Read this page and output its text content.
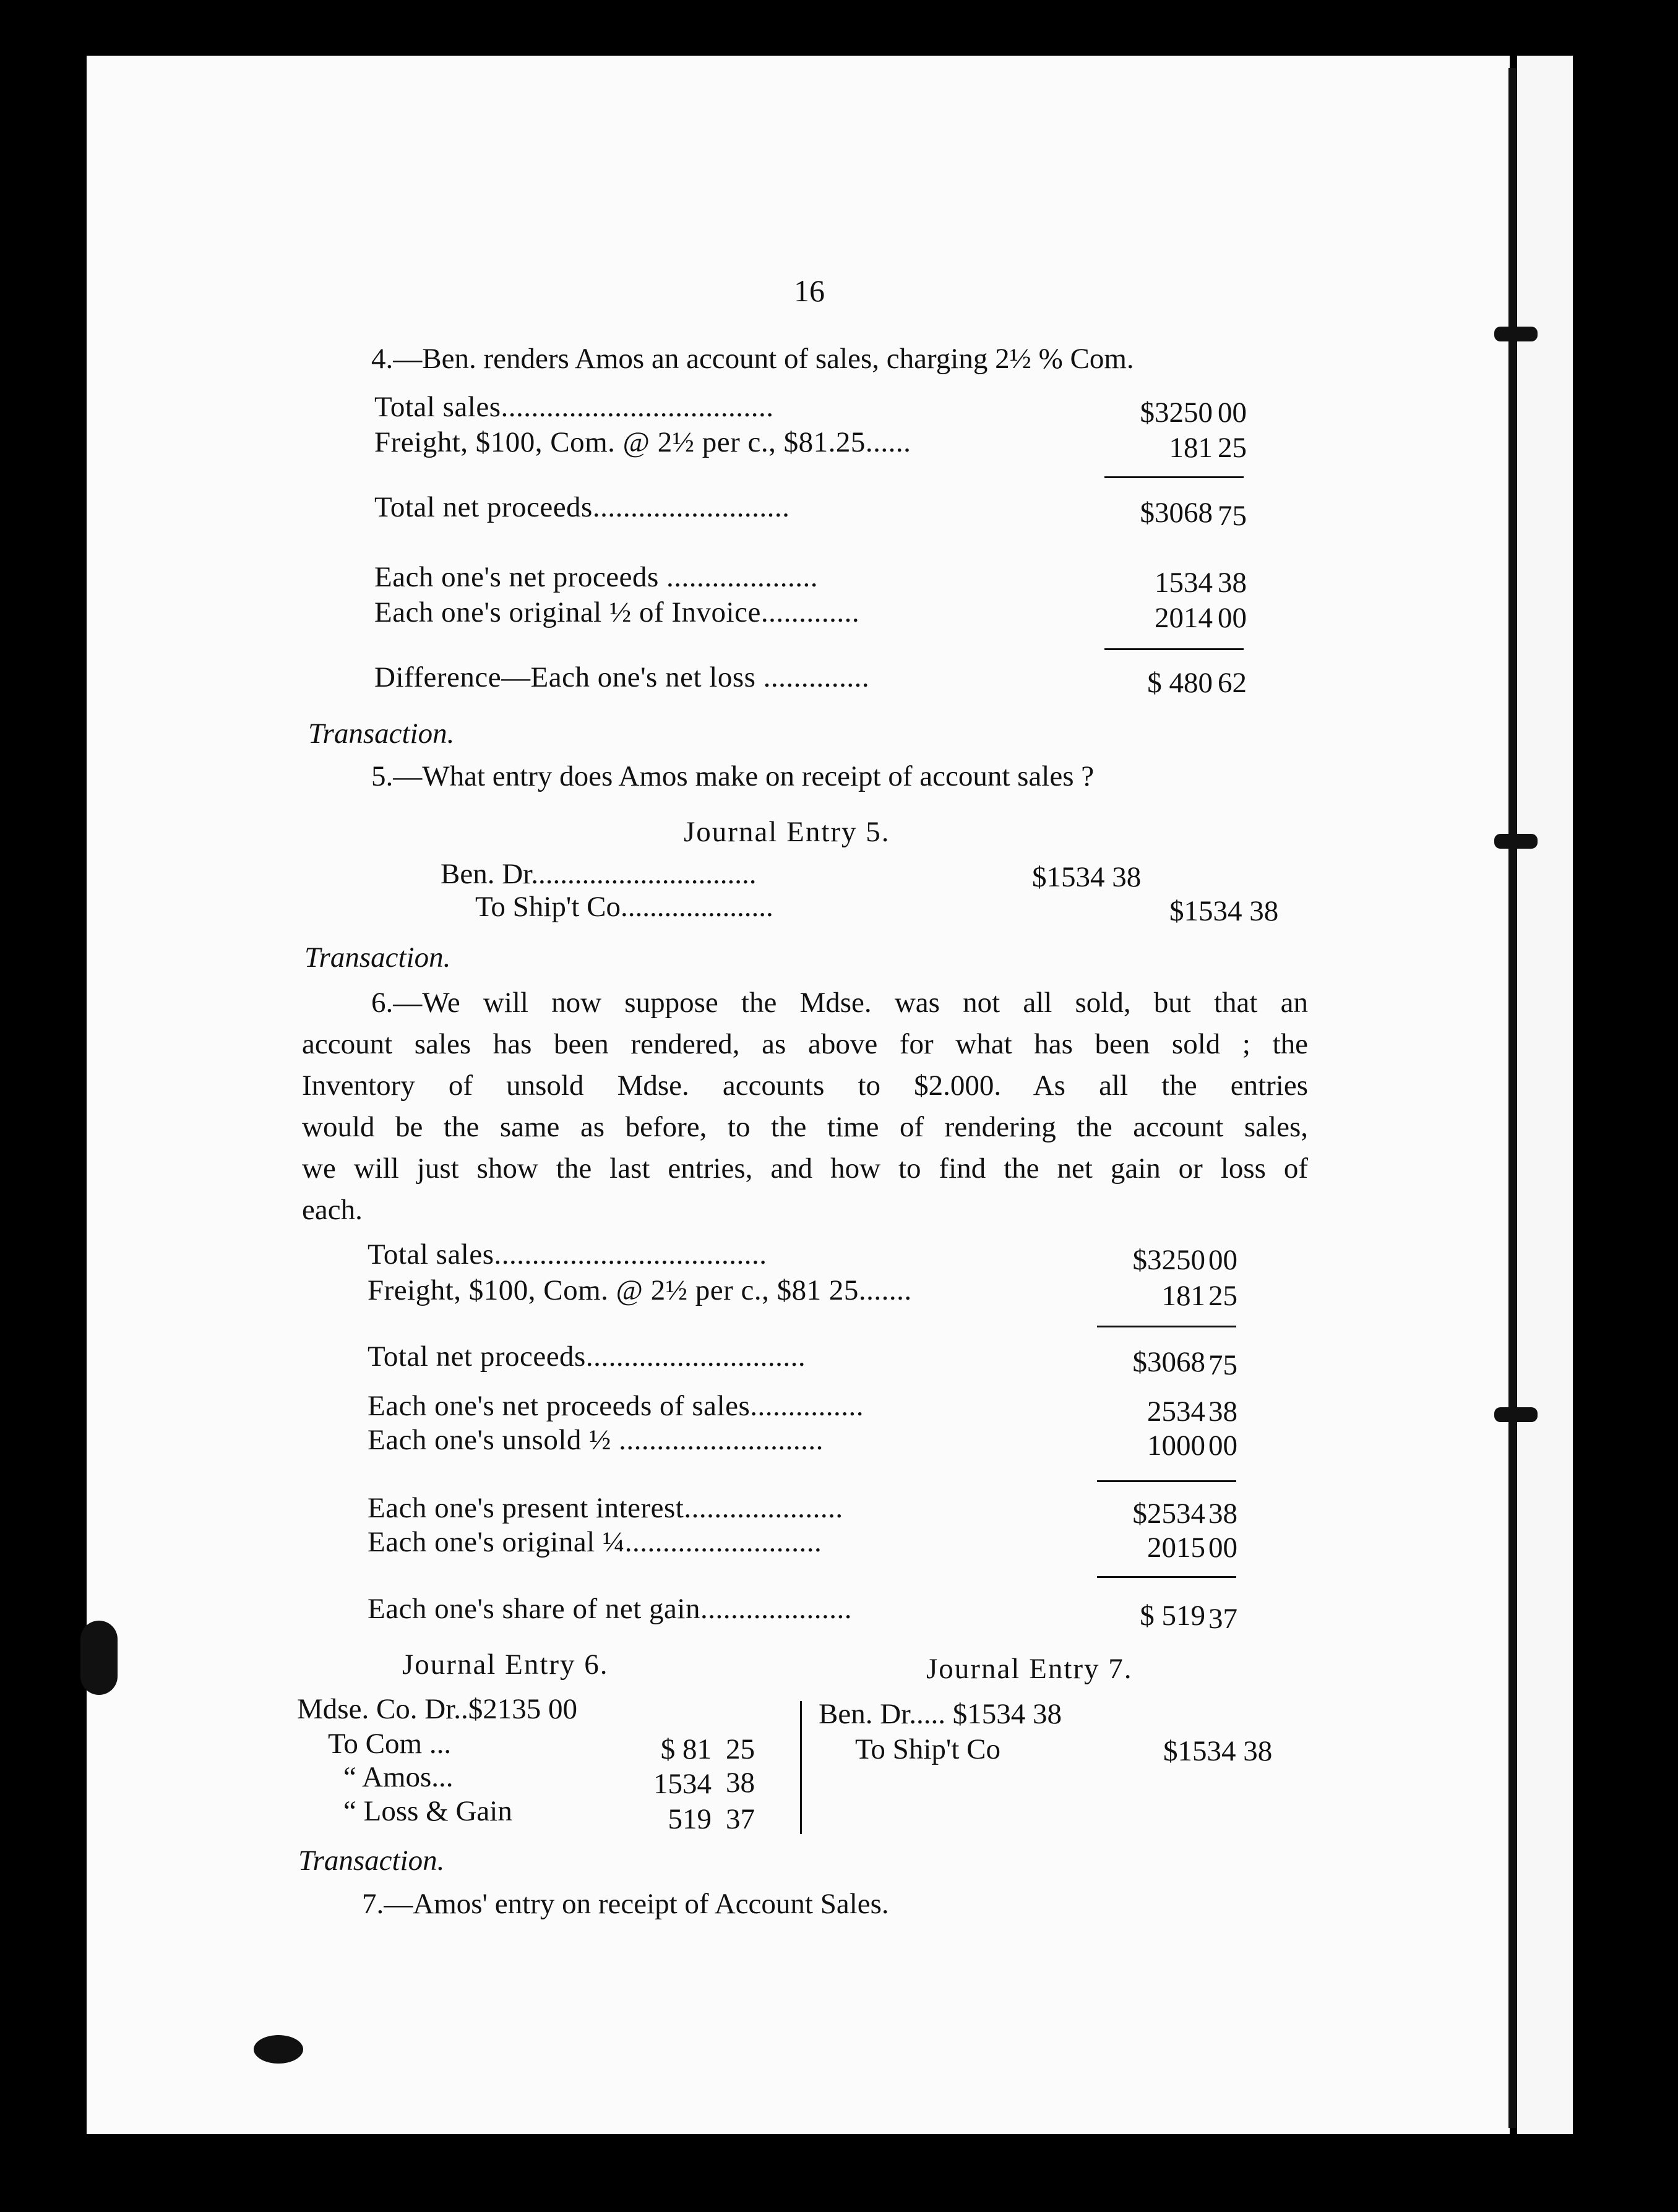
16
4.—Ben. renders Amos an account of sales, charging 2½ % Com.
Total sales....................................	$3250 00
Freight, $100, Com. @ 2½ per c., $81.25......	181 25
Total net proceeds..........................	$3068 75
Each one's net proceeds ....................	1534 38
Each one's original ½ of Invoice.............	2014 00
Difference—Each one's net loss ..............	$ 480 62
Transaction.
5.—What entry does Amos make on receipt of account sales ?
Journal Entry 5.
Ben. Dr...............................	$1534 38
To Ship't Co.....................	$1534 38
Transaction.
6.—We will now suppose the Mdse. was not all sold, but that an
account sales has been rendered, as above for what has been sold ; the
Inventory of unsold Mdse. accounts to $2.000. As all the entries
would be the same as before, to the time of rendering the account sales,
we will just show the last entries, and how to find the net gain or loss of
each.
Total sales....................................	$3250 00
Freight, $100, Com. @ 2½ per c., $81 25.......	181 25
Total net proceeds.............................	$3068 75
Each one's net proceeds of sales...............	2534 38
Each one's unsold ½ ...........................	1000 00
Each one's present interest.....................	$2534 38
Each one's original ¼..........................	2015 00
Each one's share of net gain....................	$ 519 37
Journal Entry 6.
Mdse. Co. Dr..$2135 00
To Com ...	$ 81 25
“ Amos...	1534 38
“ Loss & Gain	519 37
Journal Entry 7.
Ben. Dr..... $1534 38
To Ship't Co	$1534 38
Transaction.
7.—Amos' entry on receipt of Account Sales.
